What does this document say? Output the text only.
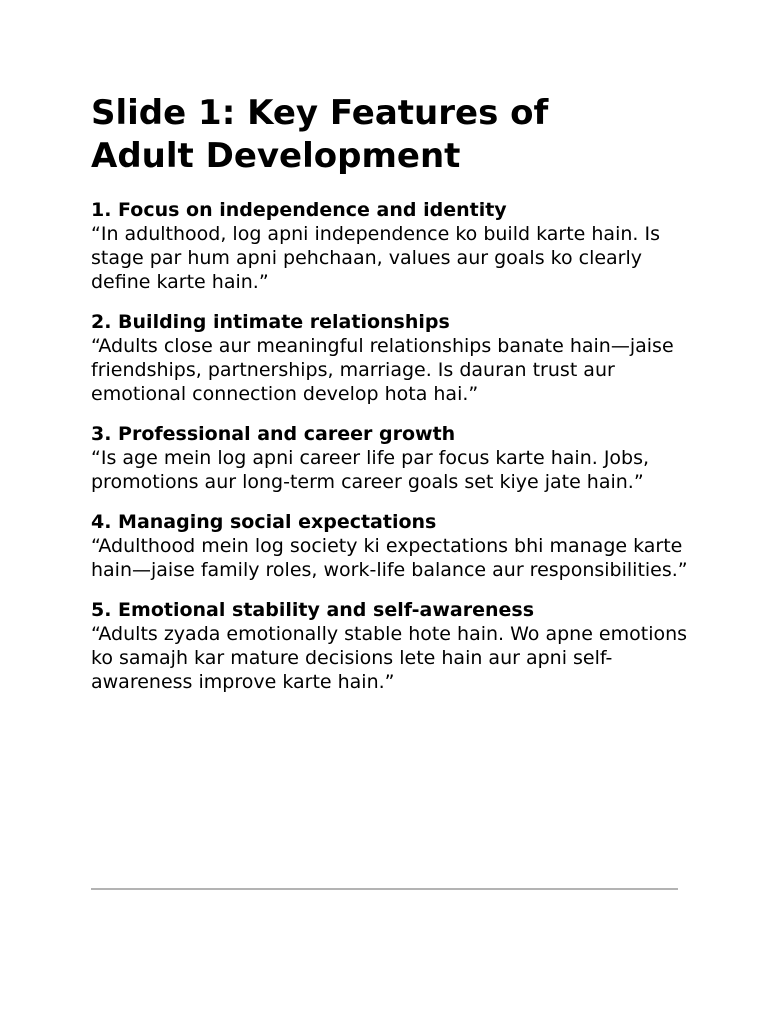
Slide 1: Key Features of
Adult Development

1. Focus on independence and identity

“In adulthood, log apni independence ko build karte hain. Is stage par hum apni pehchaan, values aur goals ko clearly define karte hain.”

2. Building intimate relationships

“Adults close aur meaningful relationships banate hain—jaise friendships, partnerships, marriage. Is dauran trust aur emotional connection develop hota hai.”

3. Professional and career growth

“Is age mein log apni career life par focus karte hain. Jobs, promotions aur long-term career goals set kiye jate hain.”

4. Managing social expectations

“Adulthood mein log society ki expectations bhi manage karte hain—jaise family roles, work-life balance aur responsibilities.”

5. Emotional stability and self-awareness

“Adults zyada emotionally stable hote hain. Wo apne emotions ko samajh kar mature decisions lete hain aur apni self-awareness improve karte hain.”
